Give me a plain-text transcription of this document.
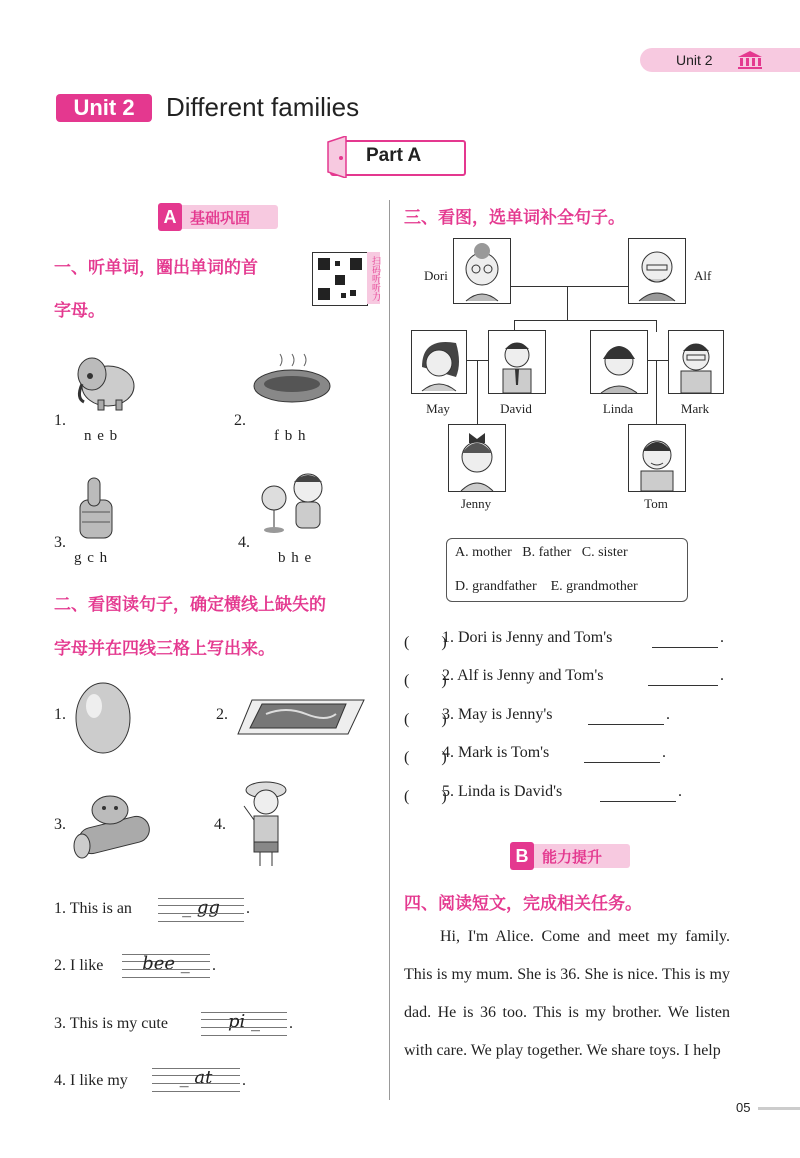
Unit 2
Unit 2	Different families
Part A
A 基础巩固
一、听单词，圈出单词的首
字母。
扫码听听力
1.
n e b
2.
f b h
3.
g c h
4.
b h e
二、看图读句子，确定横线上缺失的
字母并在四线三格上写出来。
1.	2.
3.	4.
1. This is an	_ gg	.
2. I like	bee _	.
3. This is my cute	pi _	.
4. I like my	_ at	.
三、看图，选单词补全句子。
Dori	Alf
May	David	Linda	Mark
Jenny	Tom
A. mother   B. father   C. sister
D. grandfather    E. grandmother
(　　)
1. Dori is Jenny and Tom's	.
(　　)
2. Alf is Jenny and Tom's	.
(　　)
3. May is Jenny's	.
(　　)
4. Mark is Tom's	.
(　　)
5. Linda is David's	.
B 能力提升
四、阅读短文，完成相关任务。
Hi, I'm Alice. Come and meet my family. This is my mum. She is 36. She is nice. This is my dad. He is 36 too. This is my brother. We listen with care. We play together. We share toys. I help
05
